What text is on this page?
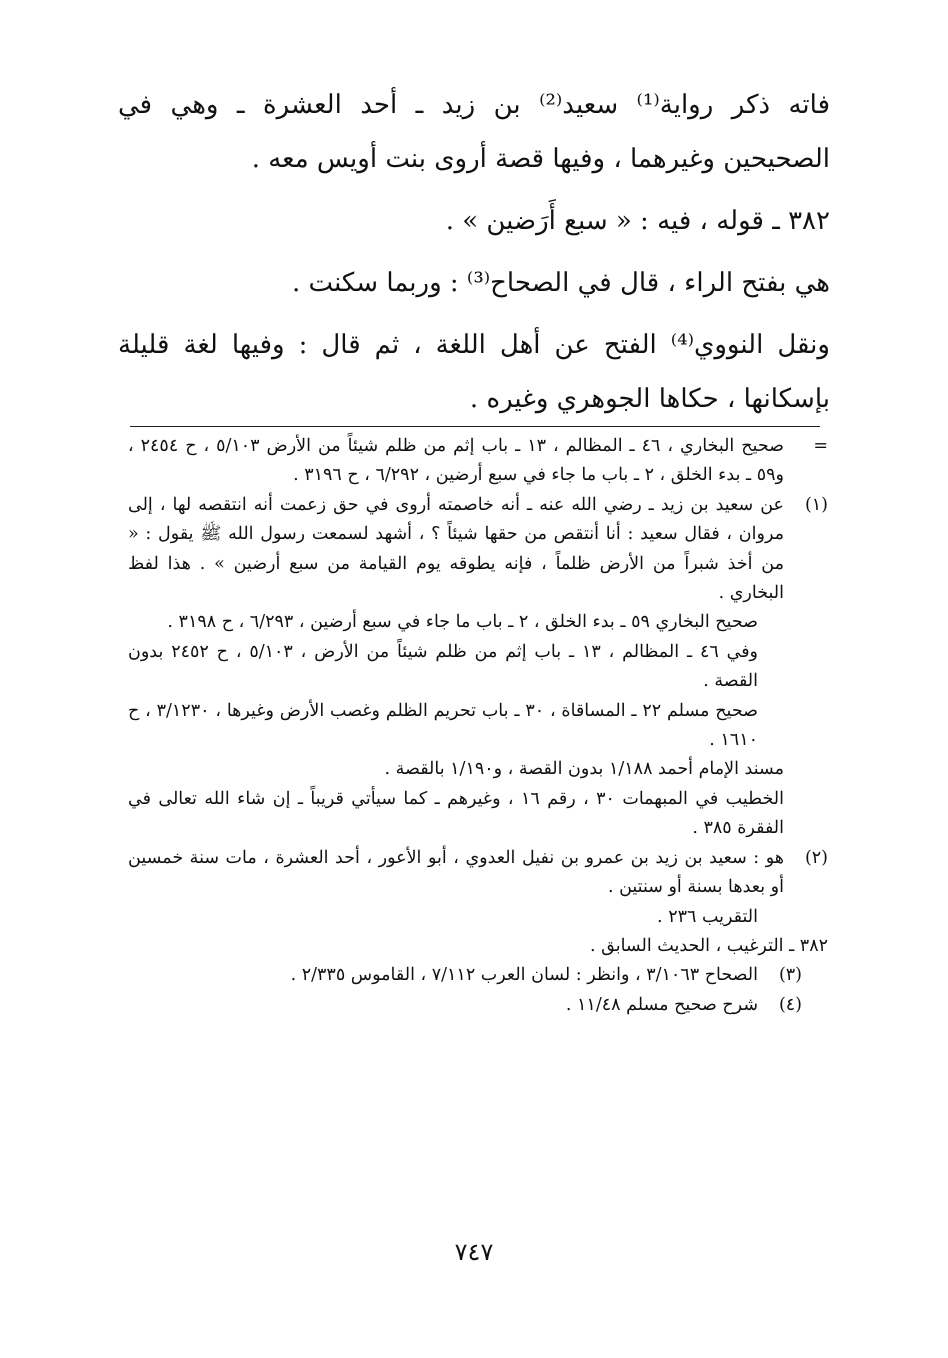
فاته ذكر رواية⁽¹⁾ سعيد⁽²⁾ بن زيد ـ أحد العشرة ـ وهي في الصحيحين وغيرهما ، وفيها قصة أروى بنت أويس معه .

٣٨٢ ـ قوله ، فيه : « سبع أَرَضين » .

هي بفتح الراء ، قال في الصحاح⁽³⁾ : وربما سكنت .

ونقل النووي⁽⁴⁾ الفتح عن أهل اللغة ، ثم قال : وفيها لغة قليلة بإسكانها ، حكاها الجوهري وغيره .

=
صحيح البخاري ، ٤٦ ـ المظالم ، ١٣ ـ باب إثم من ظلم شيئاً من الأرض ٥/١٠٣ ، ح ٢٤٥٤ ، و٥٩ ـ بدء الخلق ، ٢ ـ باب ما جاء في سبع أرضين ، ٦/٢٩٢ ، ح ٣١٩٦ .
(١)
عن سعيد بن زيد ـ رضي الله عنه ـ أنه خاصمته أروى في حق زعمت أنه انتقصه لها ، إلى مروان ، فقال سعيد : أنا أنتقص من حقها شيئاً ؟ ، أشهد لسمعت رسول الله ﷺ يقول : « من أخذ شبراً من الأرض ظلماً ، فإنه يطوقه يوم القيامة من سبع أرضين » . هذا لفظ البخاري .
صحيح البخاري ٥٩ ـ بدء الخلق ، ٢ ـ باب ما جاء في سبع أرضين ، ٦/٢٩٣ ، ح ٣١٩٨ .
وفي ٤٦ ـ المظالم ، ١٣ ـ باب إثم من ظلم شيئاً من الأرض ، ٥/١٠٣ ، ح ٢٤٥٢ بدون القصة .
صحيح مسلم ٢٢ ـ المساقاة ، ٣٠ ـ باب تحريم الظلم وغصب الأرض وغيرها ، ٣/١٢٣٠ ، ح ١٦١٠ .
مسند الإمام أحمد ١/١٨٨ بدون القصة ، و١/١٩٠ بالقصة .
الخطيب في المبهمات ٣٠ ، رقم ١٦ ، وغيرهم ـ كما سيأتي قريباً ـ إن شاء الله تعالى في الفقرة ٣٨٥ .
(٢)
هو : سعيد بن زيد بن عمرو بن نفيل العدوي ، أبو الأعور ، أحد العشرة ، مات سنة خمسين أو بعدها بسنة أو سنتين .
التقريب ٢٣٦ .
٣٨٢ ـ الترغيب ، الحديث السابق .
(٣)
الصحاح ٣/١٠٦٣ ، وانظر : لسان العرب ٧/١١٢ ، القاموس ٢/٣٣٥ .
(٤)
شرح صحيح مسلم ١١/٤٨ .
٧٤٧
